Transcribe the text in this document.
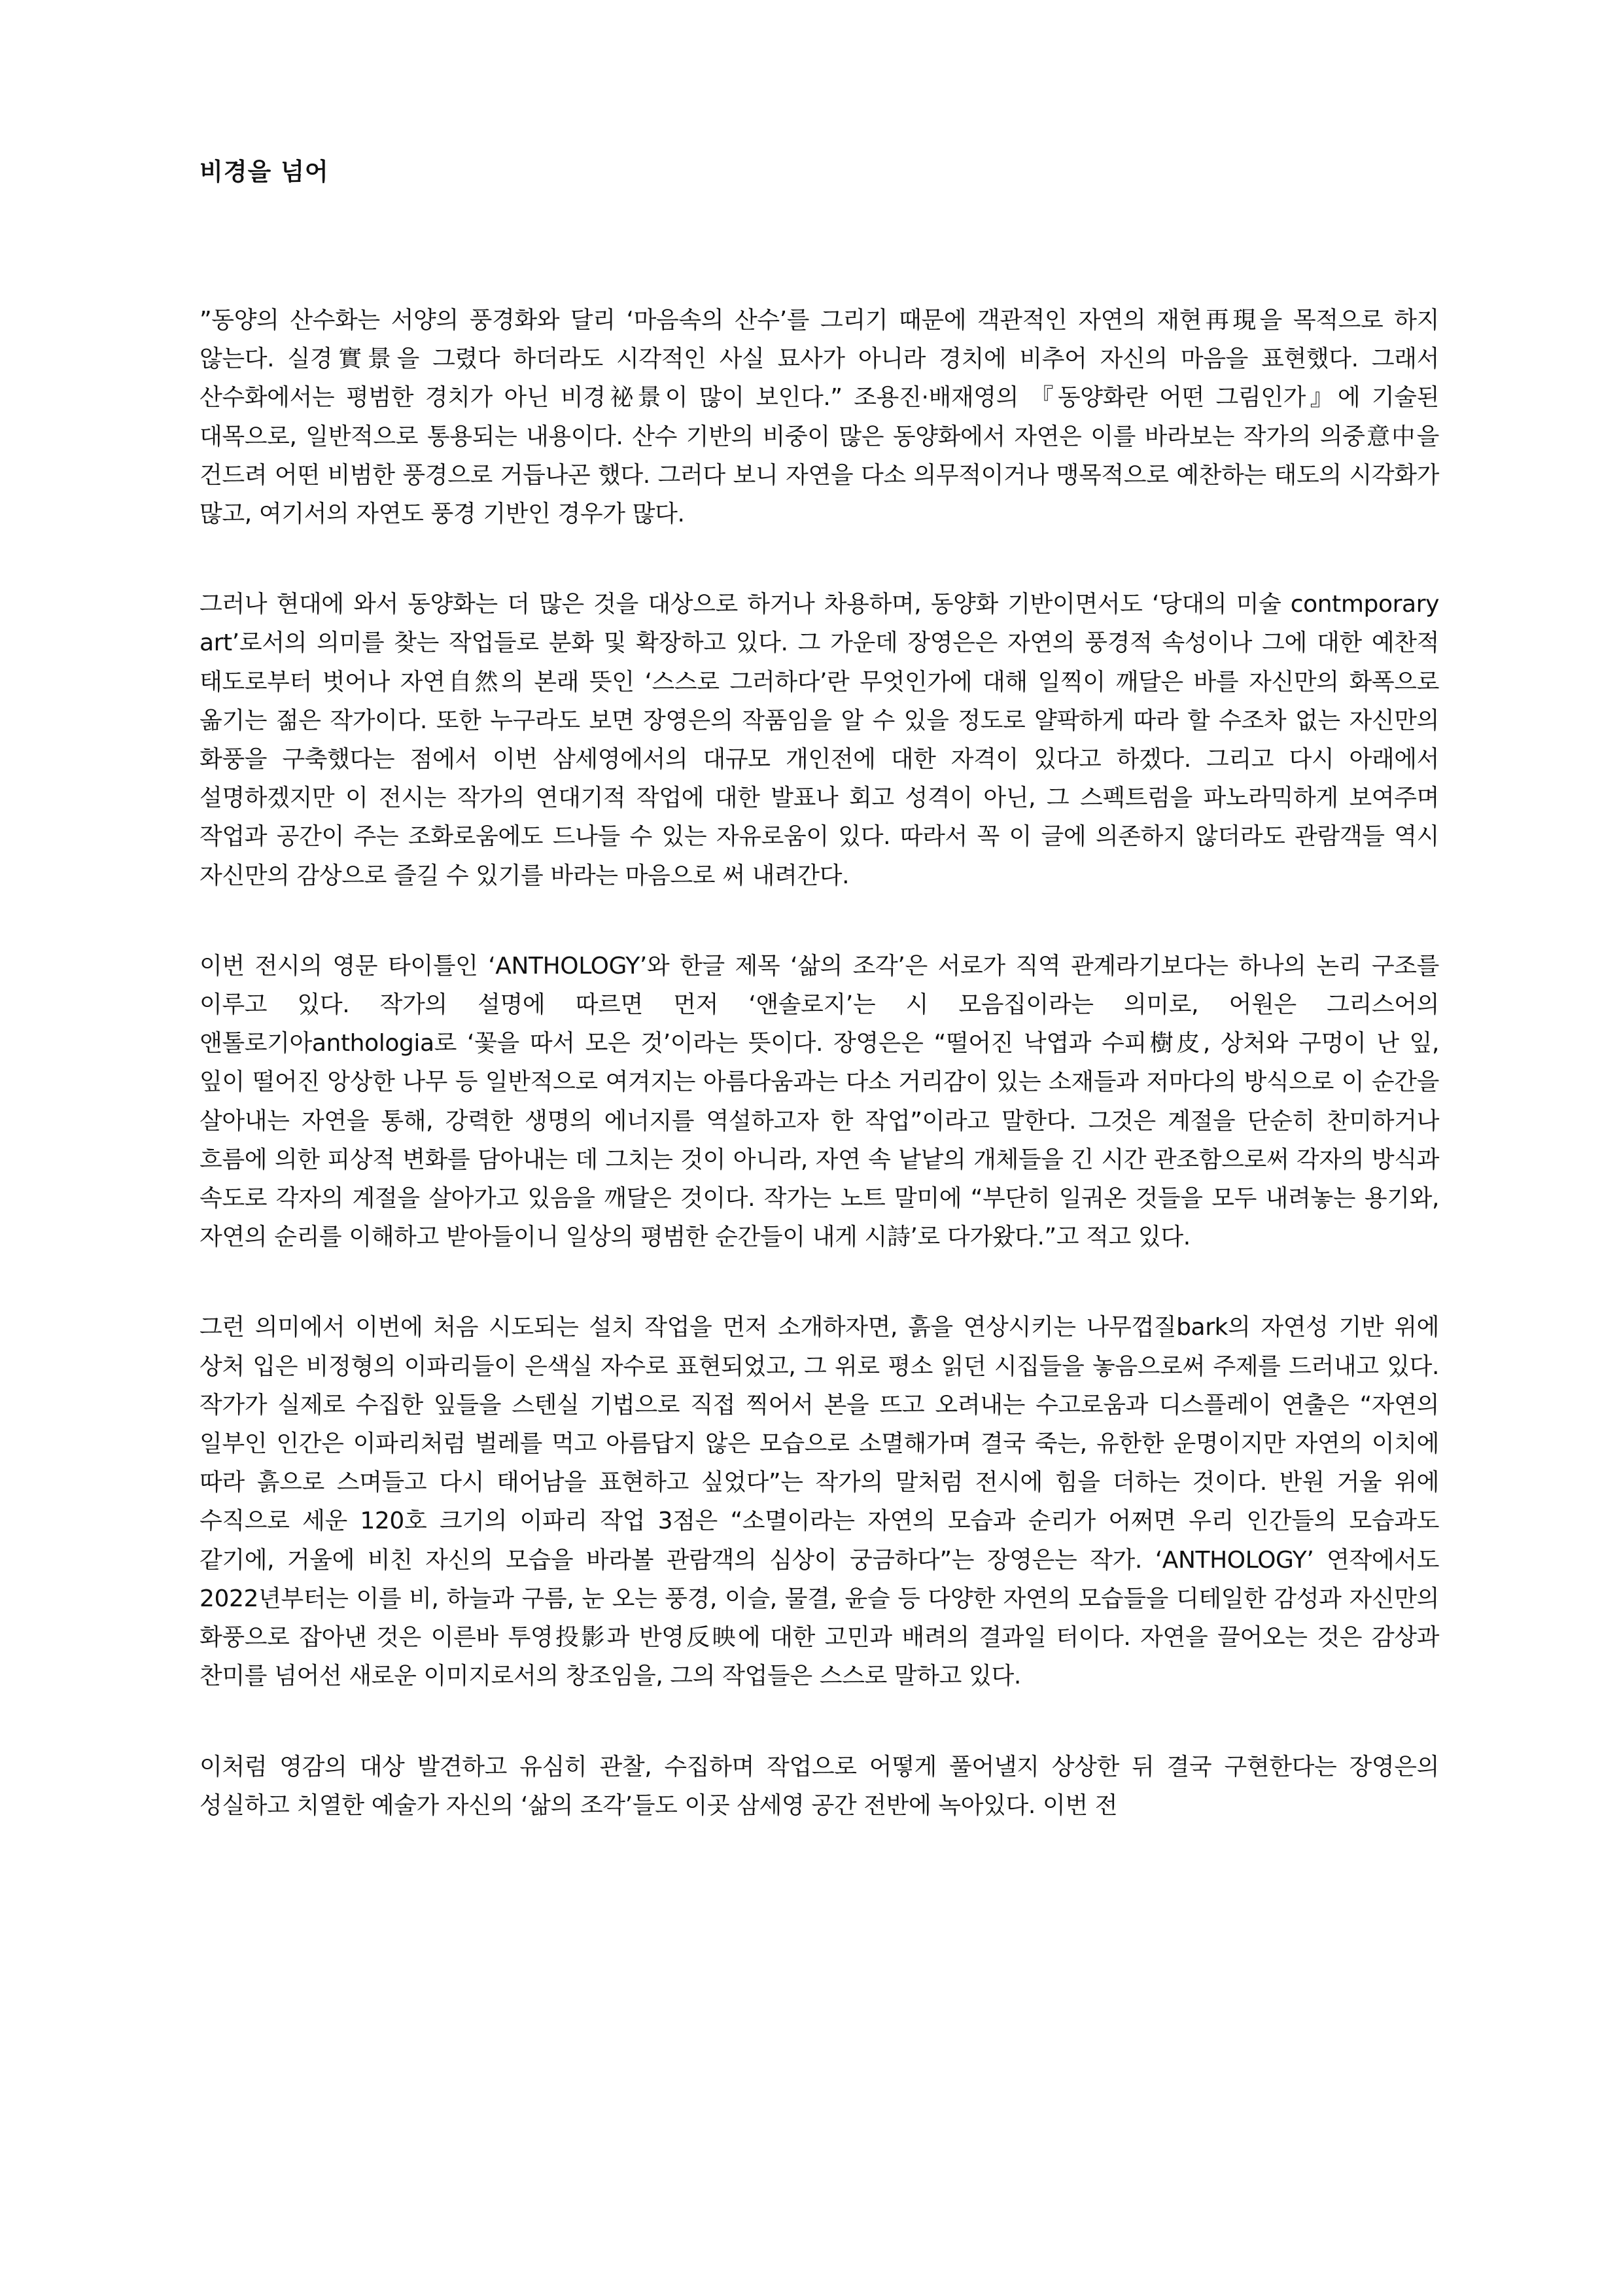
비경을 넘어

”동양의 산수화는 서양의 풍경화와 달리 ‘마음속의 산수’를 그리기 때문에 객관적인 자연의 재현再現을 목적으로 하지 않는다. 실경實景을 그렸다 하더라도 시각적인 사실 묘사가 아니라 경치에 비추어 자신의 마음을 표현했다. 그래서 산수화에서는 평범한 경치가 아닌 비경祕景이 많이 보인다.” 조용진·배재영의 『동양화란 어떤 그림인가』에 기술된 대목으로, 일반적으로 통용되는 내용이다. 산수 기반의 비중이 많은 동양화에서 자연은 이를 바라보는 작가의 의중意中을 건드려 어떤 비범한 풍경으로 거듭나곤 했다. 그러다 보니 자연을 다소 의무적이거나 맹목적으로 예찬하는 태도의 시각화가 많고, 여기서의 자연도 풍경 기반인 경우가 많다.

그러나 현대에 와서 동양화는 더 많은 것을 대상으로 하거나 차용하며, 동양화 기반이면서도 ‘당대의 미술 contmporary art’로서의 의미를 찾는 작업들로 분화 및 확장하고 있다. 그 가운데 장영은은 자연의 풍경적 속성이나 그에 대한 예찬적 태도로부터 벗어나 자연自然의 본래 뜻인 ‘스스로 그러하다’란 무엇인가에 대해 일찍이 깨달은 바를 자신만의 화폭으로 옮기는 젊은 작가이다. 또한 누구라도 보면 장영은의 작품임을 알 수 있을 정도로 얄팍하게 따라 할 수조차 없는 자신만의 화풍을 구축했다는 점에서 이번 삼세영에서의 대규모 개인전에 대한 자격이 있다고 하겠다. 그리고 다시 아래에서 설명하겠지만 이 전시는 작가의 연대기적 작업에 대한 발표나 회고 성격이 아닌, 그 스펙트럼을 파노라믹하게 보여주며 작업과 공간이 주는 조화로움에도 드나들 수 있는 자유로움이 있다. 따라서 꼭 이 글에 의존하지 않더라도 관람객들 역시 자신만의 감상으로 즐길 수 있기를 바라는 마음으로 써 내려간다.

이번 전시의 영문 타이틀인 ‘ANTHOLOGY’와 한글 제목 ‘삶의 조각’은 서로가 직역 관계라기보다는 하나의 논리 구조를 이루고 있다. 작가의 설명에 따르면 먼저 ‘앤솔로지’는 시 모음집이라는 의미로, 어원은 그리스어의 앤톨로기아anthologia로 ‘꽃을 따서 모은 것’이라는 뜻이다. 장영은은 “떨어진 낙엽과 수피樹皮, 상처와 구멍이 난 잎, 잎이 떨어진 앙상한 나무 등 일반적으로 여겨지는 아름다움과는 다소 거리감이 있는 소재들과 저마다의 방식으로 이 순간을 살아내는 자연을 통해, 강력한 생명의 에너지를 역설하고자 한 작업”이라고 말한다. 그것은 계절을 단순히 찬미하거나 흐름에 의한 피상적 변화를 담아내는 데 그치는 것이 아니라, 자연 속 낱낱의 개체들을 긴 시간 관조함으로써 각자의 방식과 속도로 각자의 계절을 살아가고 있음을 깨달은 것이다. 작가는 노트 말미에 “부단히 일궈온 것들을 모두 내려놓는 용기와, 자연의 순리를 이해하고 받아들이니 일상의 평범한 순간들이 내게 시詩’로 다가왔다.”고 적고 있다.

그런 의미에서 이번에 처음 시도되는 설치 작업을 먼저 소개하자면, 흙을 연상시키는 나무껍질bark의 자연성 기반 위에 상처 입은 비정형의 이파리들이 은색실 자수로 표현되었고, 그 위로 평소 읽던 시집들을 놓음으로써 주제를 드러내고 있다. 작가가 실제로 수집한 잎들을 스텐실 기법으로 직접 찍어서 본을 뜨고 오려내는 수고로움과 디스플레이 연출은 “자연의 일부인 인간은 이파리처럼 벌레를 먹고 아름답지 않은 모습으로 소멸해가며 결국 죽는, 유한한 운명이지만 자연의 이치에 따라 흙으로 스며들고 다시 태어남을 표현하고 싶었다”는 작가의 말처럼 전시에 힘을 더하는 것이다. 반원 거울 위에 수직으로 세운 120호 크기의 이파리 작업 3점은 “소멸이라는 자연의 모습과 순리가 어쩌면 우리 인간들의 모습과도 같기에, 거울에 비친 자신의 모습을 바라볼 관람객의 심상이 궁금하다”는 장영은는 작가. ‘ANTHOLOGY’ 연작에서도 2022년부터는 이를 비, 하늘과 구름, 눈 오는 풍경, 이슬, 물결, 윤슬 등 다양한 자연의 모습들을 디테일한 감성과 자신만의 화풍으로 잡아낸 것은 이른바 투영投影과 반영反映에 대한 고민과 배려의 결과일 터이다. 자연을 끌어오는 것은 감상과 찬미를 넘어선 새로운 이미지로서의 창조임을, 그의 작업들은 스스로 말하고 있다.

이처럼 영감의 대상 발견하고 유심히 관찰, 수집하며 작업으로 어떻게 풀어낼지 상상한 뒤 결국 구현한다는 장영은의 성실하고 치열한 예술가 자신의 ‘삶의 조각’들도 이곳 삼세영 공간 전반에 녹아있다. 이번 전
